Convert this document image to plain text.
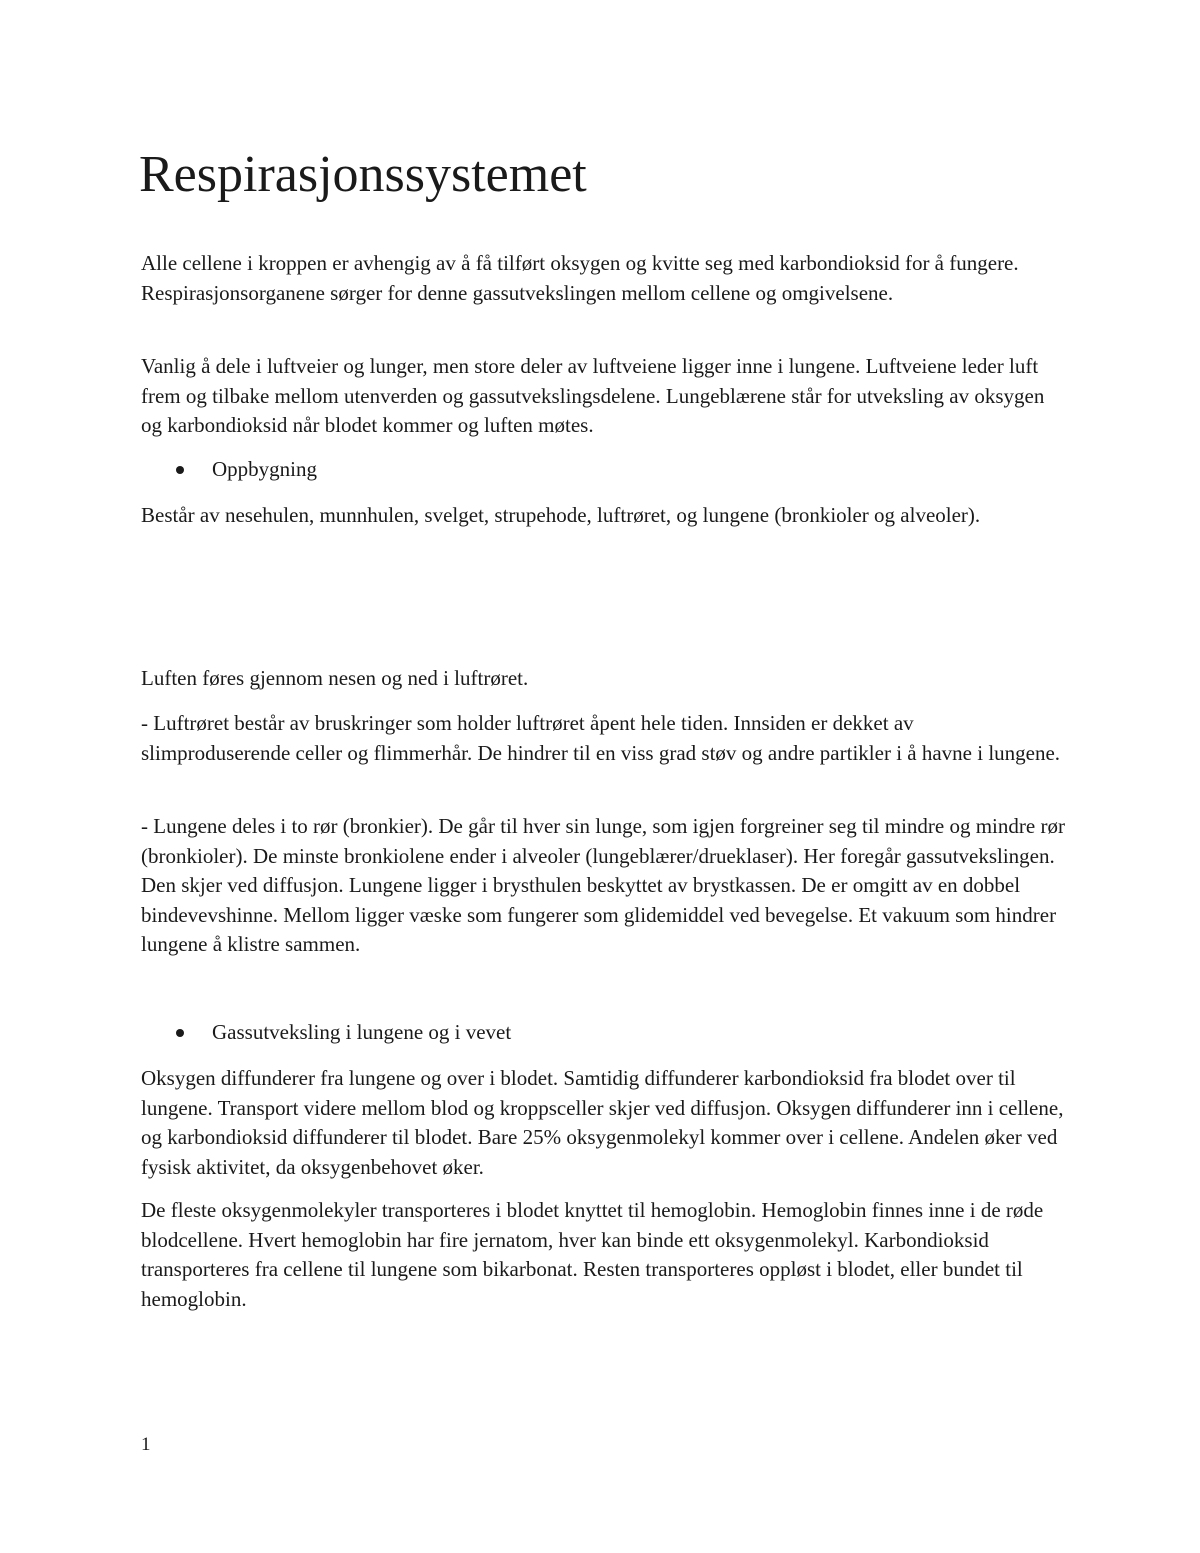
Respirasjonssystemet

Alle cellene i kroppen er avhengig av å få tilført oksygen og kvitte seg med karbondioksid for å fungere. Respirasjonsorganene sørger for denne gassutvekslingen mellom cellene og omgivelsene.

Vanlig å dele i luftveier og lunger, men store deler av luftveiene ligger inne i lungene. Luftveiene leder luft frem og tilbake mellom utenverden og gassutvekslingsdelene. Lungeblærene står for utveksling av oksygen og karbondioksid når blodet kommer og luften møtes.

Oppbygning

Består av nesehulen, munnhulen, svelget, strupehode, luftrøret, og lungene (bronkioler og alveoler).

Luften føres gjennom nesen og ned i luftrøret.

- Luftrøret består av bruskringer som holder luftrøret åpent hele tiden. Innsiden er dekket av slimproduserende celler og flimmerhår. De hindrer til en viss grad støv og andre partikler i å havne i lungene.

- Lungene deles i to rør (bronkier). De går til hver sin lunge, som igjen forgreiner seg til mindre og mindre rør (bronkioler). De minste bronkiolene ender i alveoler (lungeblærer/drueklaser). Her foregår gassutvekslingen. Den skjer ved diffusjon. Lungene ligger i brysthulen beskyttet av brystkassen. De er omgitt av en dobbel bindevevshinne. Mellom ligger væske som fungerer som glidemiddel ved bevegelse. Et vakuum som hindrer lungene å klistre sammen.

Gassutveksling i lungene og i vevet

Oksygen diffunderer fra lungene og over i blodet. Samtidig diffunderer karbondioksid fra blodet over til lungene. Transport videre mellom blod og kroppsceller skjer ved diffusjon. Oksygen diffunderer inn i cellene, og karbondioksid diffunderer til blodet. Bare 25% oksygenmolekyl kommer over i cellene. Andelen øker ved fysisk aktivitet, da oksygenbehovet øker.

De fleste oksygenmolekyler transporteres i blodet knyttet til hemoglobin. Hemoglobin finnes inne i de røde blodcellene. Hvert hemoglobin har fire jernatom, hver kan binde ett oksygenmolekyl. Karbondioksid transporteres fra cellene til lungene som bikarbonat. Resten transporteres oppløst i blodet, eller bundet til hemoglobin.

1
